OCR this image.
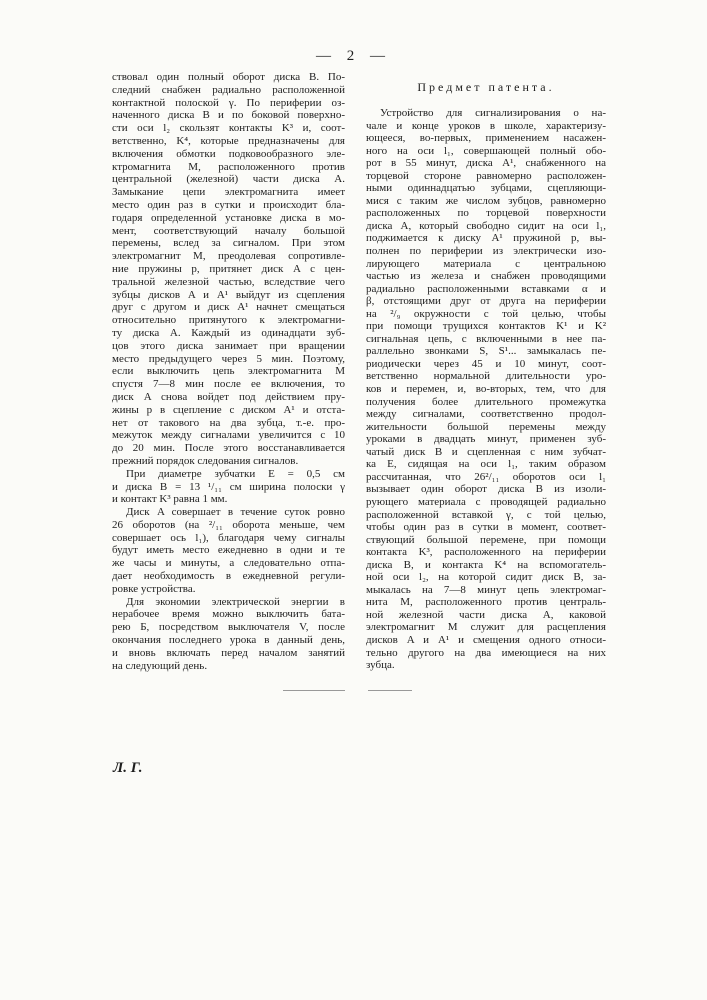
— 2 —
Предмет патента.
ствовал один полный оборот диска B. По-
следний снабжен радиально расположенной
контактной полоской γ. По периферии оз-
наченного диска B и по боковой поверхно-
сти оси l₂ скользят контакты K³ и, соот-
ветственно, K⁴, которые предназначены для
включения обмотки подковообразного эле-
ктромагнита M, расположенного против
центральной (железной) части диска A.
Замыкание цепи электромагнита имеет
место один раз в сутки и происходит бла-
годаря определенной установке диска в мо-
мент, соответствующий началу большой
перемены, вслед за сигналом. При этом
электромагнит M, преодолевая сопротивле-
ние пружины p, притянет диск A с цен-
тральной железной частью, вследствие чего
зубцы дисков A и A¹ выйдут из сцепления
друг с другом и диск A¹ начнет смещаться
относительно притянутого к электромагни-
ту диска A. Каждый из одинадцати зуб-
цов этого диска занимает при вращении
место предыдущего через 5 мин. Поэтому,
если выключить цепь электромагнита M
спустя 7—8 мин после ее включения, то
диск A снова войдет под действием пру-
жины p в сцепление с диском A¹ и отста-
нет от такового на два зубца, т.-е. про-
межуток между сигналами увеличится с 10
до 20 мин. После этого восстанавливается
прежний порядок следования сигналов.
При диаметре зубчатки E = 0,5 см
и диска B = 13 ¹/₁₁ см ширина полоски γ
и контакт K³ равна 1 мм.
Диск A совершает в течение суток ровно
26 оборотов (на ²/₁₁ оборота меньше, чем
совершает ось l₁), благодаря чему сигналы
будут иметь место ежедневно в одни и те
же часы и минуты, а следовательно отпа-
дает необходимость в ежедневной регули-
ровке устройства.
Для экономии электрической энергии в
нерабочее время можно выключить бата-
рею Б, посредством выключателя V, после
окончания последнего урока в данный день,
и вновь включать перед началом занятий
на следующий день.
Устройство для сигнализирования о на-
чале и конце уроков в школе, характеризу-
ющееся, во-первых, применением насажен-
ного на оси l₁, совершающей полный обо-
рот в 55 минут, диска A¹, снабженного на
торцевой стороне равномерно расположен-
ными одиннадцатью зубцами, сцепляющи-
мися с таким же числом зубцов, равномерно
расположенных по торцевой поверхности
диска A, который свободно сидит на оси l₁,
поджимается к диску A¹ пружиной p, вы-
полнен по периферии из электрически изо-
лирующего материала с центральною
частью из железа и снабжен проводящими
радиально расположенными вставками α и
β, отстоящими друг от друга на периферии
на ²/₉ окружности с той целью, чтобы
при помощи трущихся контактов K¹ и K²
сигнальная цепь, с включенными в нее па-
раллельно звонками S, S¹... замыкалась пе-
риодически через 45 и 10 минут, соот-
ветственно нормальной длительности уро-
ков и перемен, и, во-вторых, тем, что для
получения более длительного промежутка
между сигналами, соответственно продол-
жительности большой перемены между
уроками в двадцать минут, применен зуб-
чатый диск B и сцепленная с ним зубчат-
ка E, сидящая на оси l₁, таким образом
рассчитанная, что 26²/₁₁ оборотов оси l₁
вызывает один оборот диска B из изоли-
рующего материала с проводящей радиально
расположенной вставкой γ, с той целью,
чтобы один раз в сутки в момент, соответ-
ствующий большой перемене, при помощи
контакта K³, расположенного на периферии
диска B, и контакта K⁴ на вспомогатель-
ной оси l₂, на которой сидит диск B, за-
мыкалась на 7—8 минут цепь электромаг-
нита M, расположенного против централь-
ной железной части диска A, каковой
электромагнит M служит для расцепления
дисков A и A¹ и смещения одного относи-
тельно другого на два имеющиеся на них
зубца.
Л. Г.
